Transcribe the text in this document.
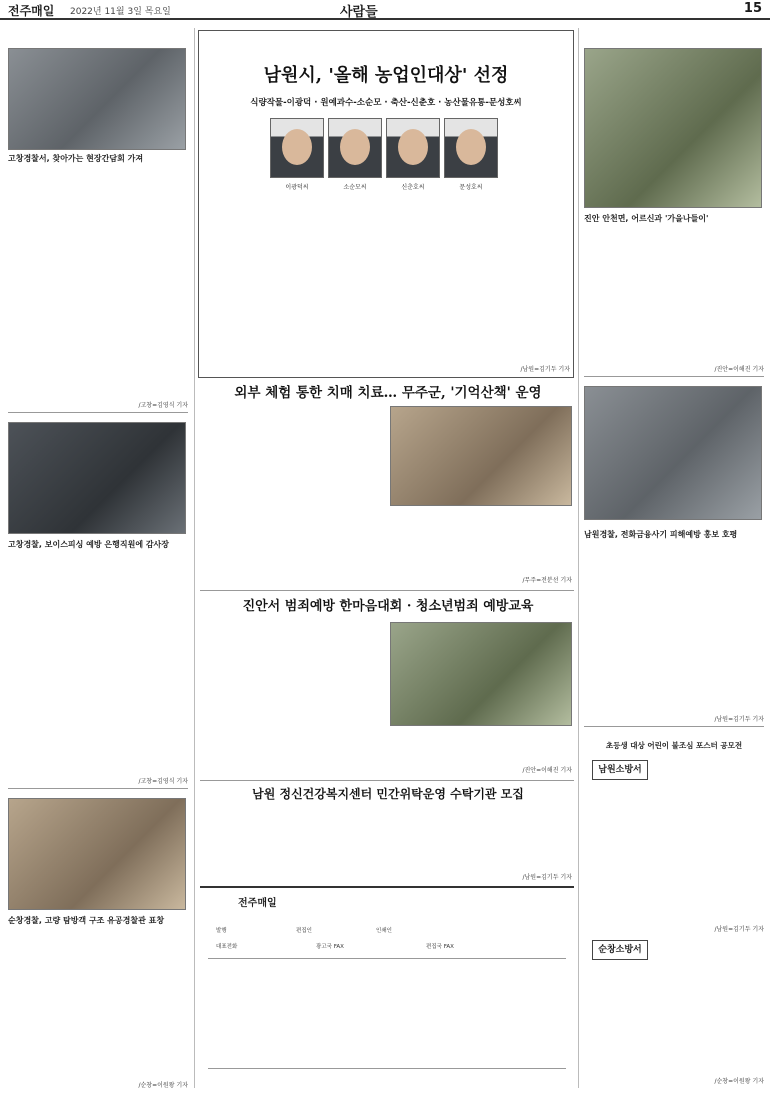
전주매일 2022년 11월 3일 목요일	사람들	15
고창경찰서, 찾아가는 현장간담회 가져
/고창=김영식 기자
고창경찰, 보이스피싱 예방 은행직원에 감사장
/고창=김영식 기자
순창경찰, 고량 탐방객 구조 유공경찰관 표창
/순창=이원왕 기자
남원시, '올해 농업인대상' 선정
식량작물-이광덕 · 원예과수-소순모 · 축산-신춘호 · 농산물유통-문성호씨
이광덕씨	소순모씨	신춘호씨	문성호씨
/남원=김기두 기자
외부 체험 통한 치매 치료… 무주군, '기억산책' 운영
/무주=전분선 기자
진안서 범죄예방 한마음대회 · 청소년범죄 예방교육
/진안=이해진 기자
남원 정신건강복지센터 민간위탁운영 수탁기관 모집
/남원=김기두 기자
전주매일
발행	편집인	인쇄인
대표전화	광고국 FAX	편집국 FAX
진안 안천면, 어르신과 '가을나들이'
/진안=이해진 기자
남원경찰, 전화금융사기 피해예방 홍보 호평
/남원=김기두 기자
초등생 대상 어린이 불조심 포스터 공모전
남원소방서
/남원=김기두 기자
순창소방서
/순창=이원왕 기자
